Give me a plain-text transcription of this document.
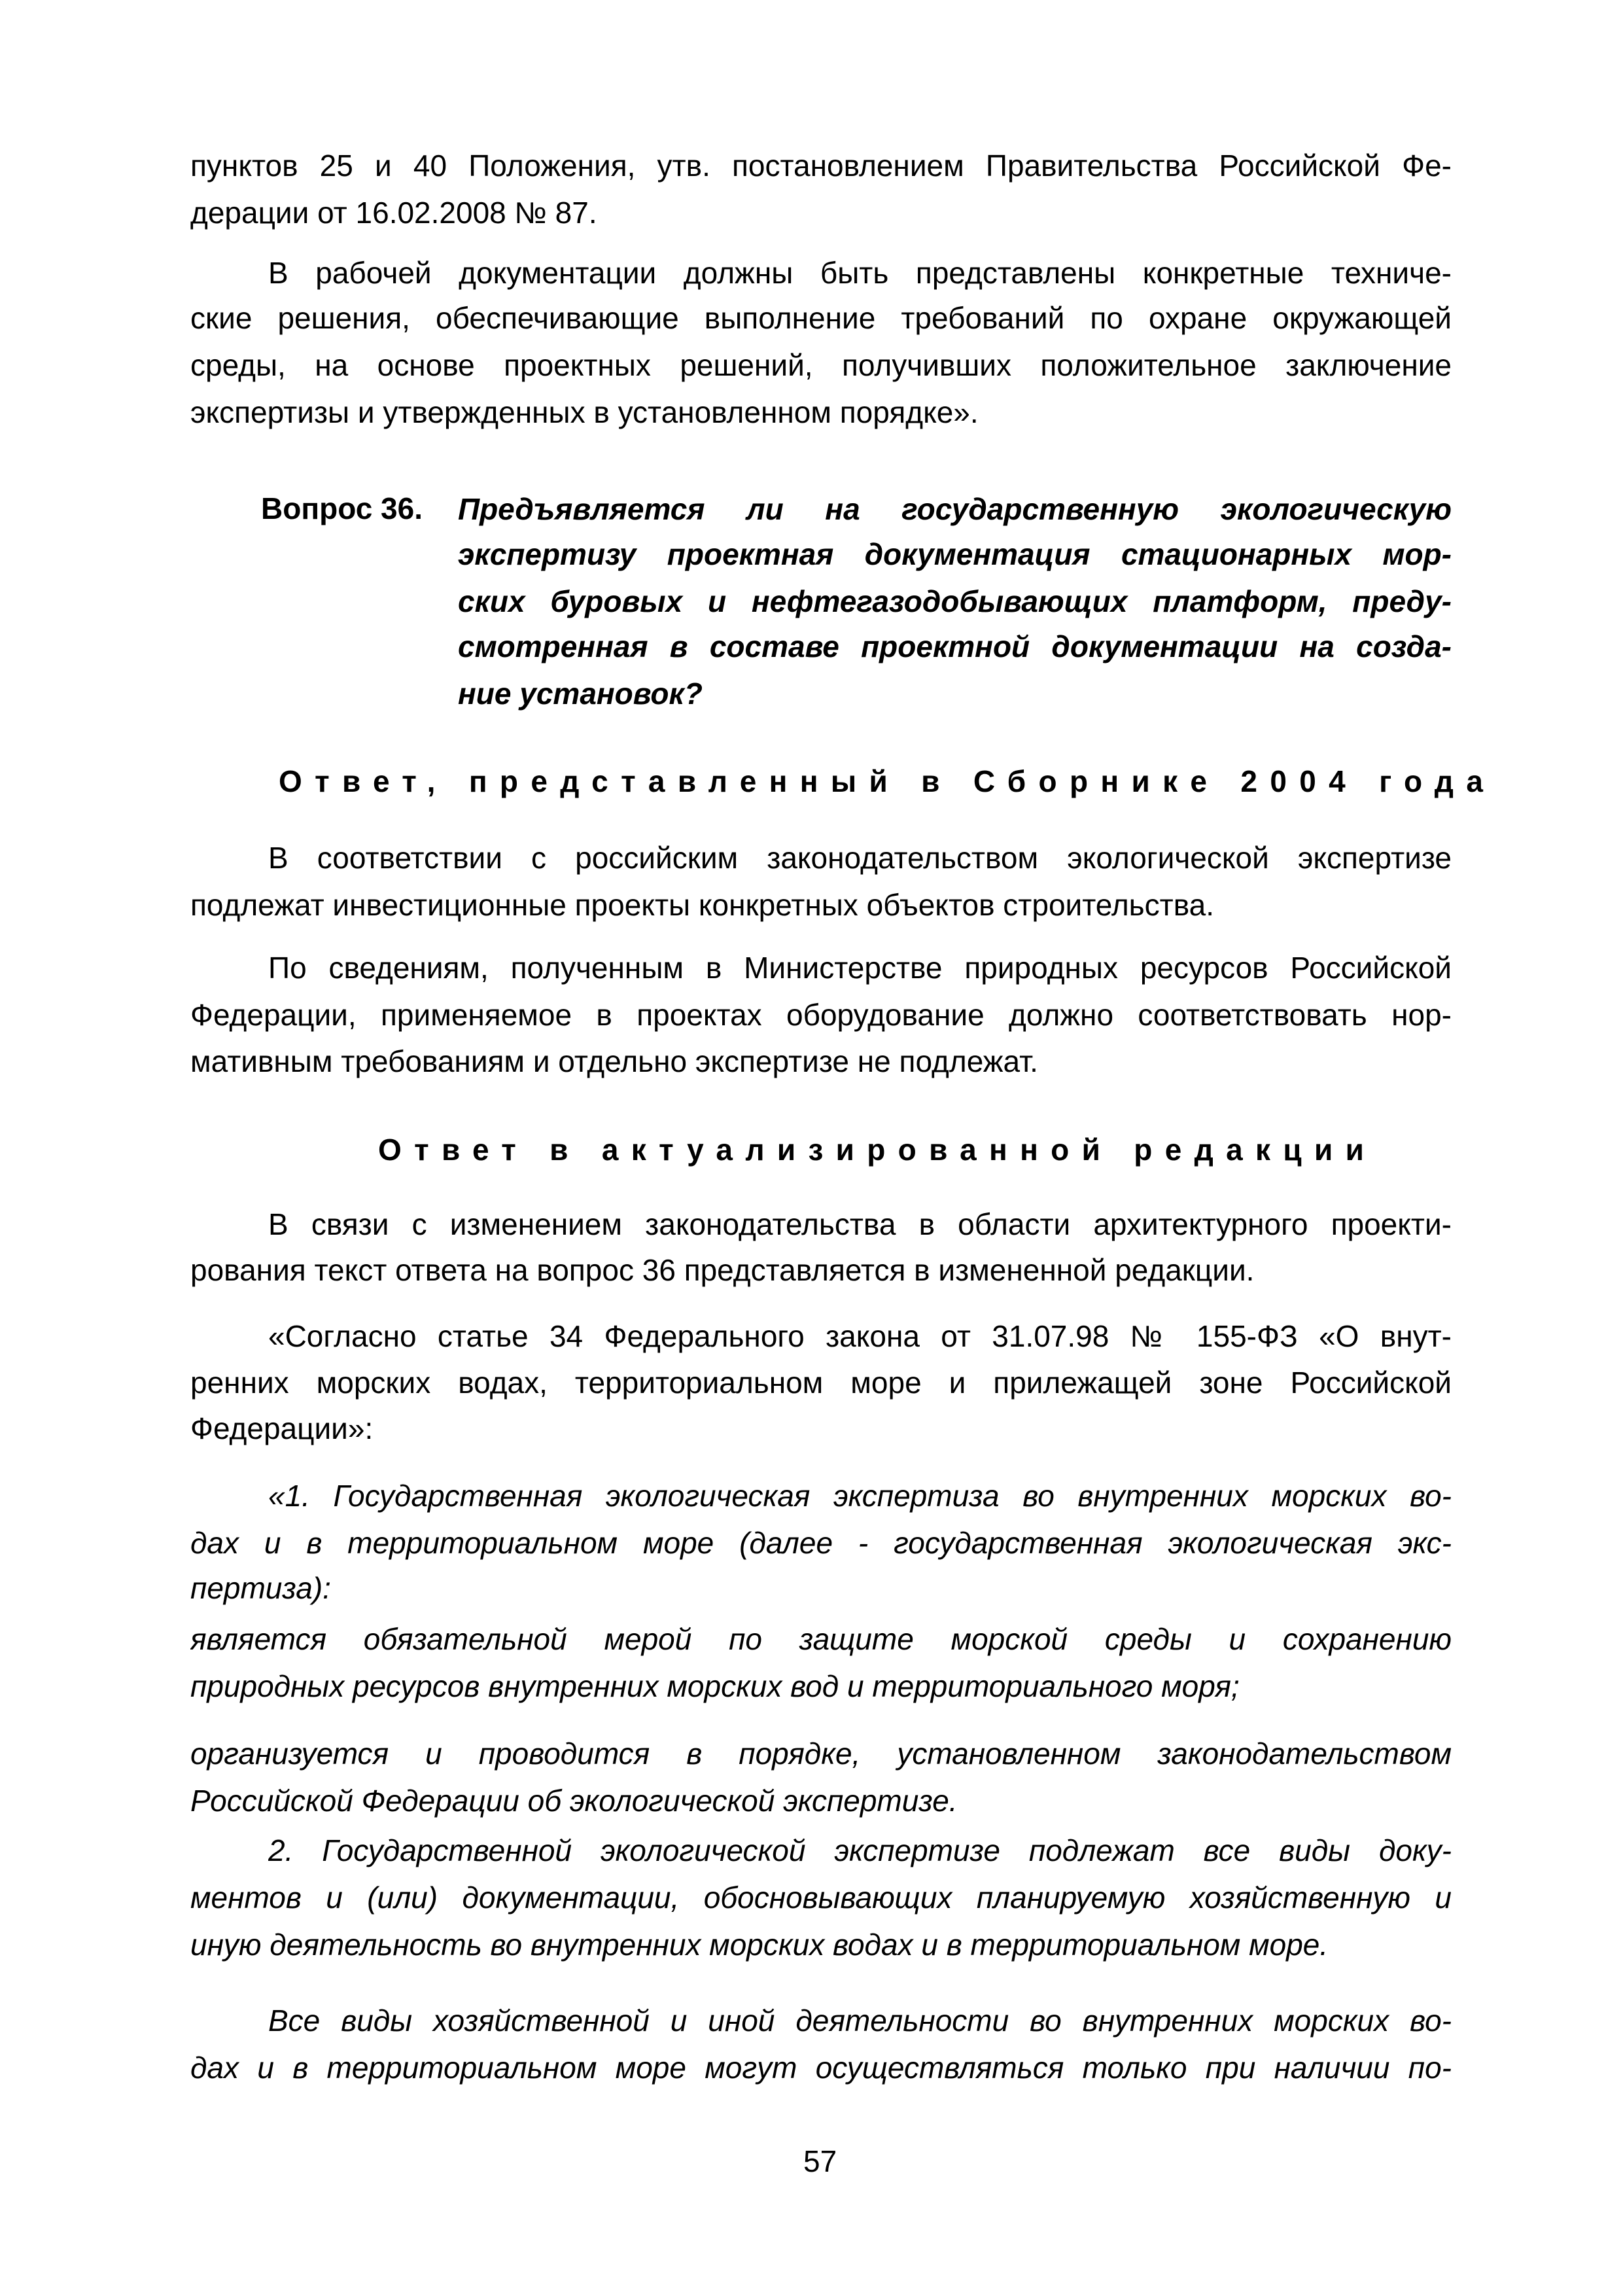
Вопрос 36.
Ответ, представленный в Сборнике 2004 года
Ответ в актуализированной редакции
57
пунктов 25 и 40 Положения, утв. постановлением Правительства Российской Фе-
дерации от 16.02.2008 № 87.
В рабочей документации должны быть представлены конкретные техниче-
ские решения, обеспечивающие выполнение требований по охране окружающей
среды, на основе проектных решений, получивших положительное заключение
экспертизы и утвержденных в установленном порядке».
Предъявляется ли на государственную экологическую
экспертизу проектная документация стационарных мор-
ских буровых и нефтегазодобывающих платформ, преду-
смотренная в составе проектной документации на созда-
ние установок?
В соответствии с российским законодательством экологической экспертизе
подлежат инвестиционные проекты конкретных объектов строительства.
По сведениям, полученным в Министерстве природных ресурсов Российской
Федерации, применяемое в проектах оборудование должно соответствовать нор-
мативным требованиям и отдельно экспертизе не подлежат.
В связи с изменением законодательства в области архитектурного проекти-
рования текст ответа на вопрос 36 представляется в измененной редакции.
«Согласно статье 34 Федерального закона от 31.07.98 № 155-ФЗ «О внут-
ренних морских водах, территориальном море и прилежащей зоне Российской
Федерации»:
«1. Государственная экологическая экспертиза во внутренних морских во-
дах и в территориальном море (далее - государственная экологическая экс-
пертиза):
является обязательной мерой по защите морской среды и сохранению
природных ресурсов внутренних морских вод и территориального моря;
организуется и проводится в порядке, установленном законодательством
Российской Федерации об экологической экспертизе.
2. Государственной экологической экспертизе подлежат все виды доку-
ментов и (или) документации, обосновывающих планируемую хозяйственную и
иную деятельность во внутренних морских водах и в территориальном море.
Все виды хозяйственной и иной деятельности во внутренних морских во-
дах и в территориальном море могут осуществляться только при наличии по-
